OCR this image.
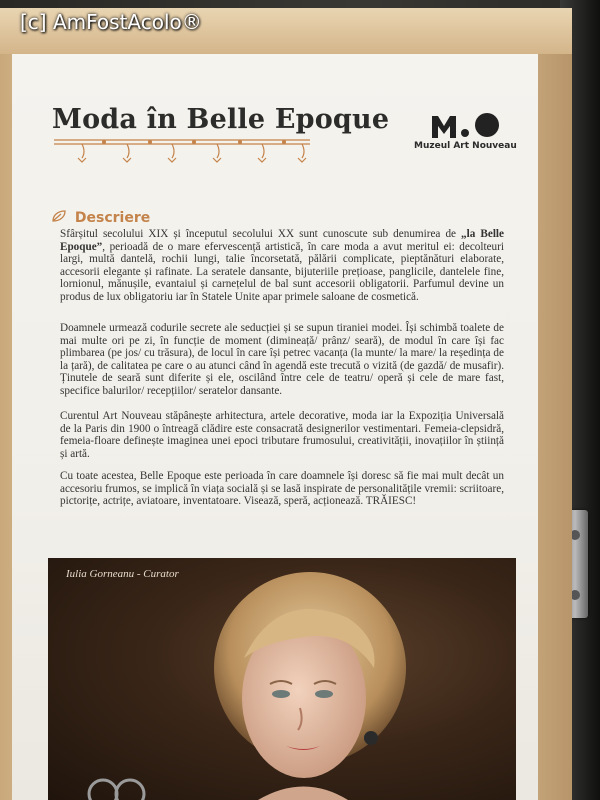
[c] AmFostAcolo®
Moda în Belle Epoque
Muzeul Art Nouveau
Descriere
Sfârșitul secolului XIX și începutul secolului XX sunt cunoscute sub denumirea de „la Belle Epoque”, perioadă de o mare efervescență artistică, în care moda a avut meritul ei: decolteuri largi, multă dantelă, rochii lungi, talie încorsetată, pălării complicate, pieptănături elaborate, accesorii elegante și rafinate. La seratele dansante, bijuteriile prețioase, panglicile, dantelele fine, lornionul, mănușile, evantaiul și carnețelul de bal sunt accesorii obligatorii. Parfumul devine un produs de lux obligatoriu iar în Statele Unite apar primele saloane de cosmetică.
Doamnele urmează codurile secrete ale seducției și se supun tiraniei modei. Își schimbă toalete de mai multe ori pe zi, în funcție de moment (dimineață/ prânz/ seară), de modul în care își fac plimbarea (pe jos/ cu trăsura), de locul în care își petrec vacanța (la munte/ la mare/ la reședința de la țară), de calitatea pe care o au atunci când în agendă este trecută o vizită (de gazdă/ de musafir). Ținutele de seară sunt diferite și ele, oscilând între cele de teatru/ operă și cele de mare fast, specifice balurilor/ recepțiilor/ seratelor dansante.
Curentul Art Nouveau stăpânește arhitectura, artele decorative, moda iar la Expoziția Universală de la Paris din 1900 o întreagă clădire este consacrată designerilor vestimentari. Femeia-clepsidră, femeia-floare definește imaginea unei epoci tributare frumosului, creativității, inovațiilor în știință și artă.
Cu toate acestea, Belle Epoque este perioada în care doamnele își doresc să fie mai mult decât un accesoriu frumos, se implică în viața socială și se lasă inspirate de personalitățile vremii: scriitoare, pictorițe, actrițe, aviatoare, inventatoare. Visează, speră, acționează. TRĂIESC!
Iulia Gorneanu - Curator
